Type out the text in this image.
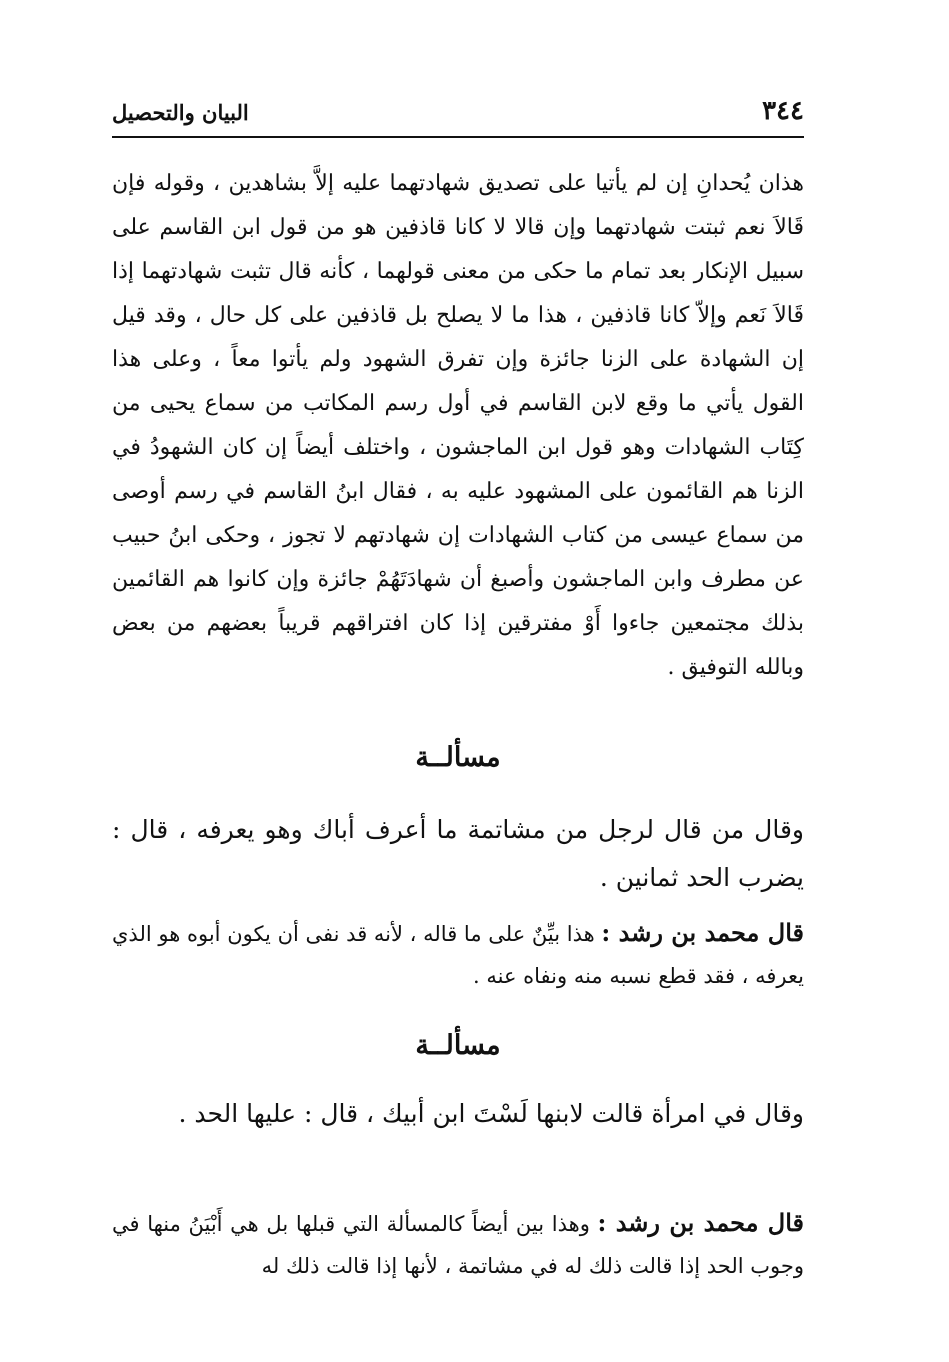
البيان والتحصيل	٣٤٤

هذان يُحدانِ إن لم يأتيا على تصديق شهادتهما عليه إلاَّ بشاهدين ، وقوله فإن قَالاَ نعم ثبتت شهادتهما وإن قالا لا كانا قاذفين هو من قول ابن القاسم على سبيل الإنكار بعد تمام ما حكى من معنى قولهما ، كأنه قال تثبت شهادتهما إذا قَالاَ نَعم وإلاّ كانا قاذفين ، هذا ما لا يصلح بل قاذفين على كل حال ، وقد قيل إن الشهادة على الزنا جائزة وإن تفرق الشهود ولم يأتوا معاً ، وعلى هذا القول يأتي ما وقع لابن القاسم في أول رسم المكاتب من سماع يحيى من كِتَاب الشهادات وهو قول ابن الماجشون ، واختلف أيضاً إن كان الشهودُ في الزنا هم القائمون على المشهود عليه به ، فقال ابنُ القاسم في رسم أوصى من سماع عيسى من كتاب الشهادات إن شهادتهم لا تجوز ، وحكى ابنُ حبيب عن مطرف وابن الماجشون وأصبغ أن شهادَتَهُمْ جائزة وإن كانوا هم القائمين بذلك مجتمعين جاءوا أَوْ مفترقين إذا كان افتراقهم قريباً بعضهم من بعض وبالله التوفيق .

مسألــة

وقال من قال لرجل من مشاتمة ما أعرف أباك وهو يعرفه ، قال : يضرب الحد ثمانين .

قال محمد بن رشد : هذا بيِّنٌ على ما قاله ، لأنه قد نفى أن يكون أبوه هو الذي يعرفه ، فقد قطع نسبه منه ونفاه عنه .

مسألــة

وقال في امرأة قالت لابنها لَسْتَ ابن أبيك ، قال : عليها الحد .

قال محمد بن رشد : وهذا بين أيضاً كالمسألة التي قبلها بل هي أَبْيَنُ منها في وجوب الحد إذا قالت ذلك له في مشاتمة ، لأنها إذا قالت ذلك له
